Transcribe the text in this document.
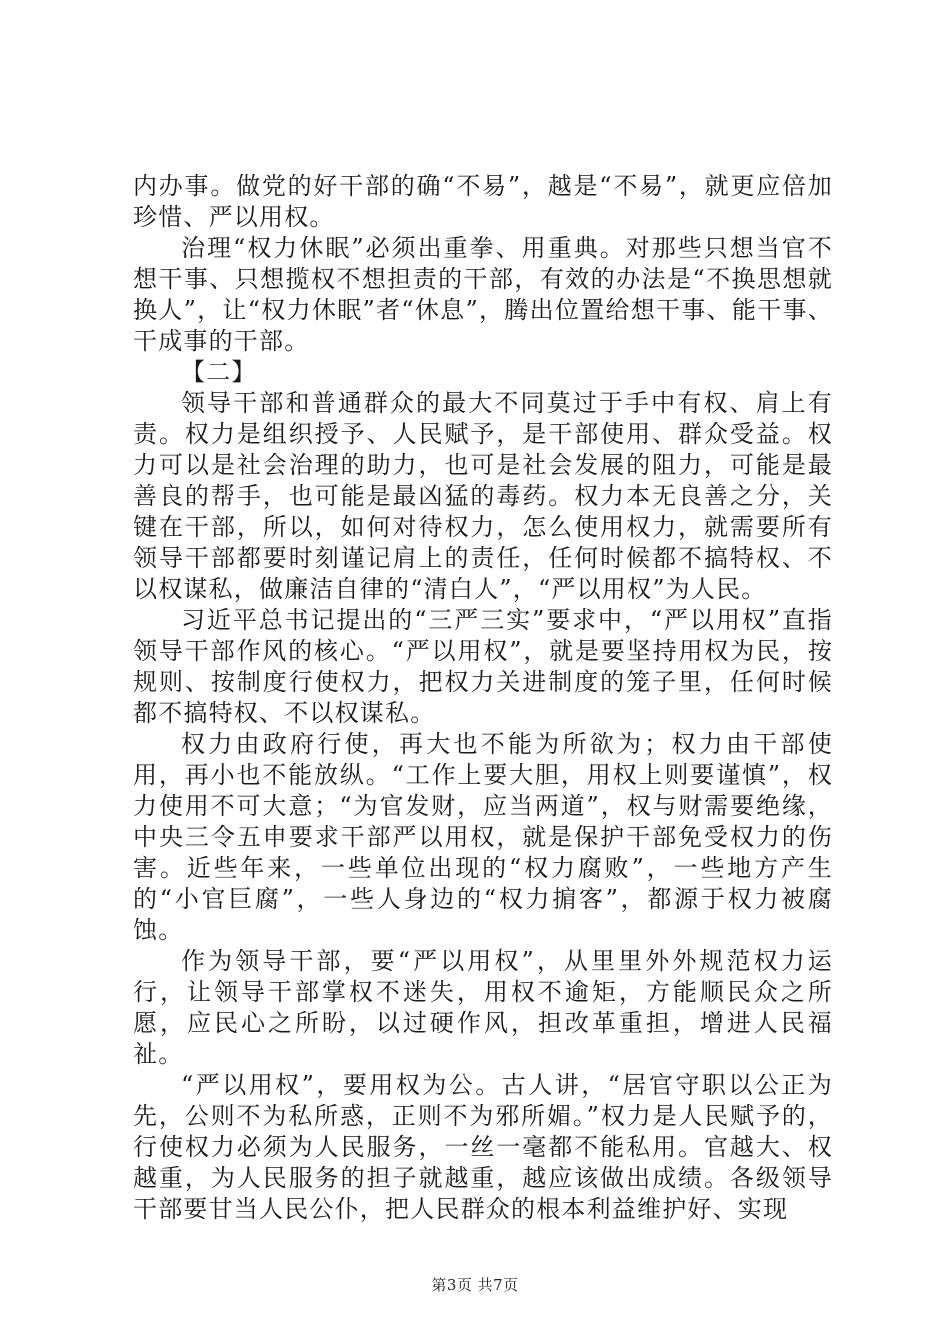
内办事。做党的好干部的确“不易”，越是“不易”，就更应倍加珍惜、严以用权。

治理“权力休眠”必须出重拳、用重典。对那些只想当官不想干事、只想揽权不想担责的干部，有效的办法是“不换思想就换人”，让“权力休眠”者“休息”，腾出位置给想干事、能干事、干成事的干部。

【二】

领导干部和普通群众的最大不同莫过于手中有权、肩上有责。权力是组织授予、人民赋予，是干部使用、群众受益。权力可以是社会治理的助力，也可是社会发展的阻力，可能是最善良的帮手，也可能是最凶猛的毒药。权力本无良善之分，关键在干部，所以，如何对待权力，怎么使用权力，就需要所有领导干部都要时刻谨记肩上的责任，任何时候都不搞特权、不以权谋私，做廉洁自律的“清白人”，“严以用权”为人民。

习近平总书记提出的“三严三实”要求中，“严以用权”直指领导干部作风的核心。“严以用权”，就是要坚持用权为民，按规则、按制度行使权力，把权力关进制度的笼子里，任何时候都不搞特权、不以权谋私。

权力由政府行使，再大也不能为所欲为；权力由干部使用，再小也不能放纵。“工作上要大胆，用权上则要谨慎”，权力使用不可大意；“为官发财，应当两道”，权与财需要绝缘，中央三令五申要求干部严以用权，就是保护干部免受权力的伤害。近些年来，一些单位出现的“权力腐败”，一些地方产生的“小官巨腐”，一些人身边的“权力掮客”，都源于权力被腐蚀。

作为领导干部，要“严以用权”，从里里外外规范权力运行，让领导干部掌权不迷失，用权不逾矩，方能顺民众之所愿，应民心之所盼，以过硬作风，担改革重担，增进人民福祉。

“严以用权”，要用权为公。古人讲，“居官守职以公正为先，公则不为私所惑，正则不为邪所媚。”权力是人民赋予的，行使权力必须为人民服务，一丝一毫都不能私用。官越大、权越重，为人民服务的担子就越重，越应该做出成绩。各级领导干部要甘当人民公仆，把人民群众的根本利益维护好、实现

第3页 共7页
